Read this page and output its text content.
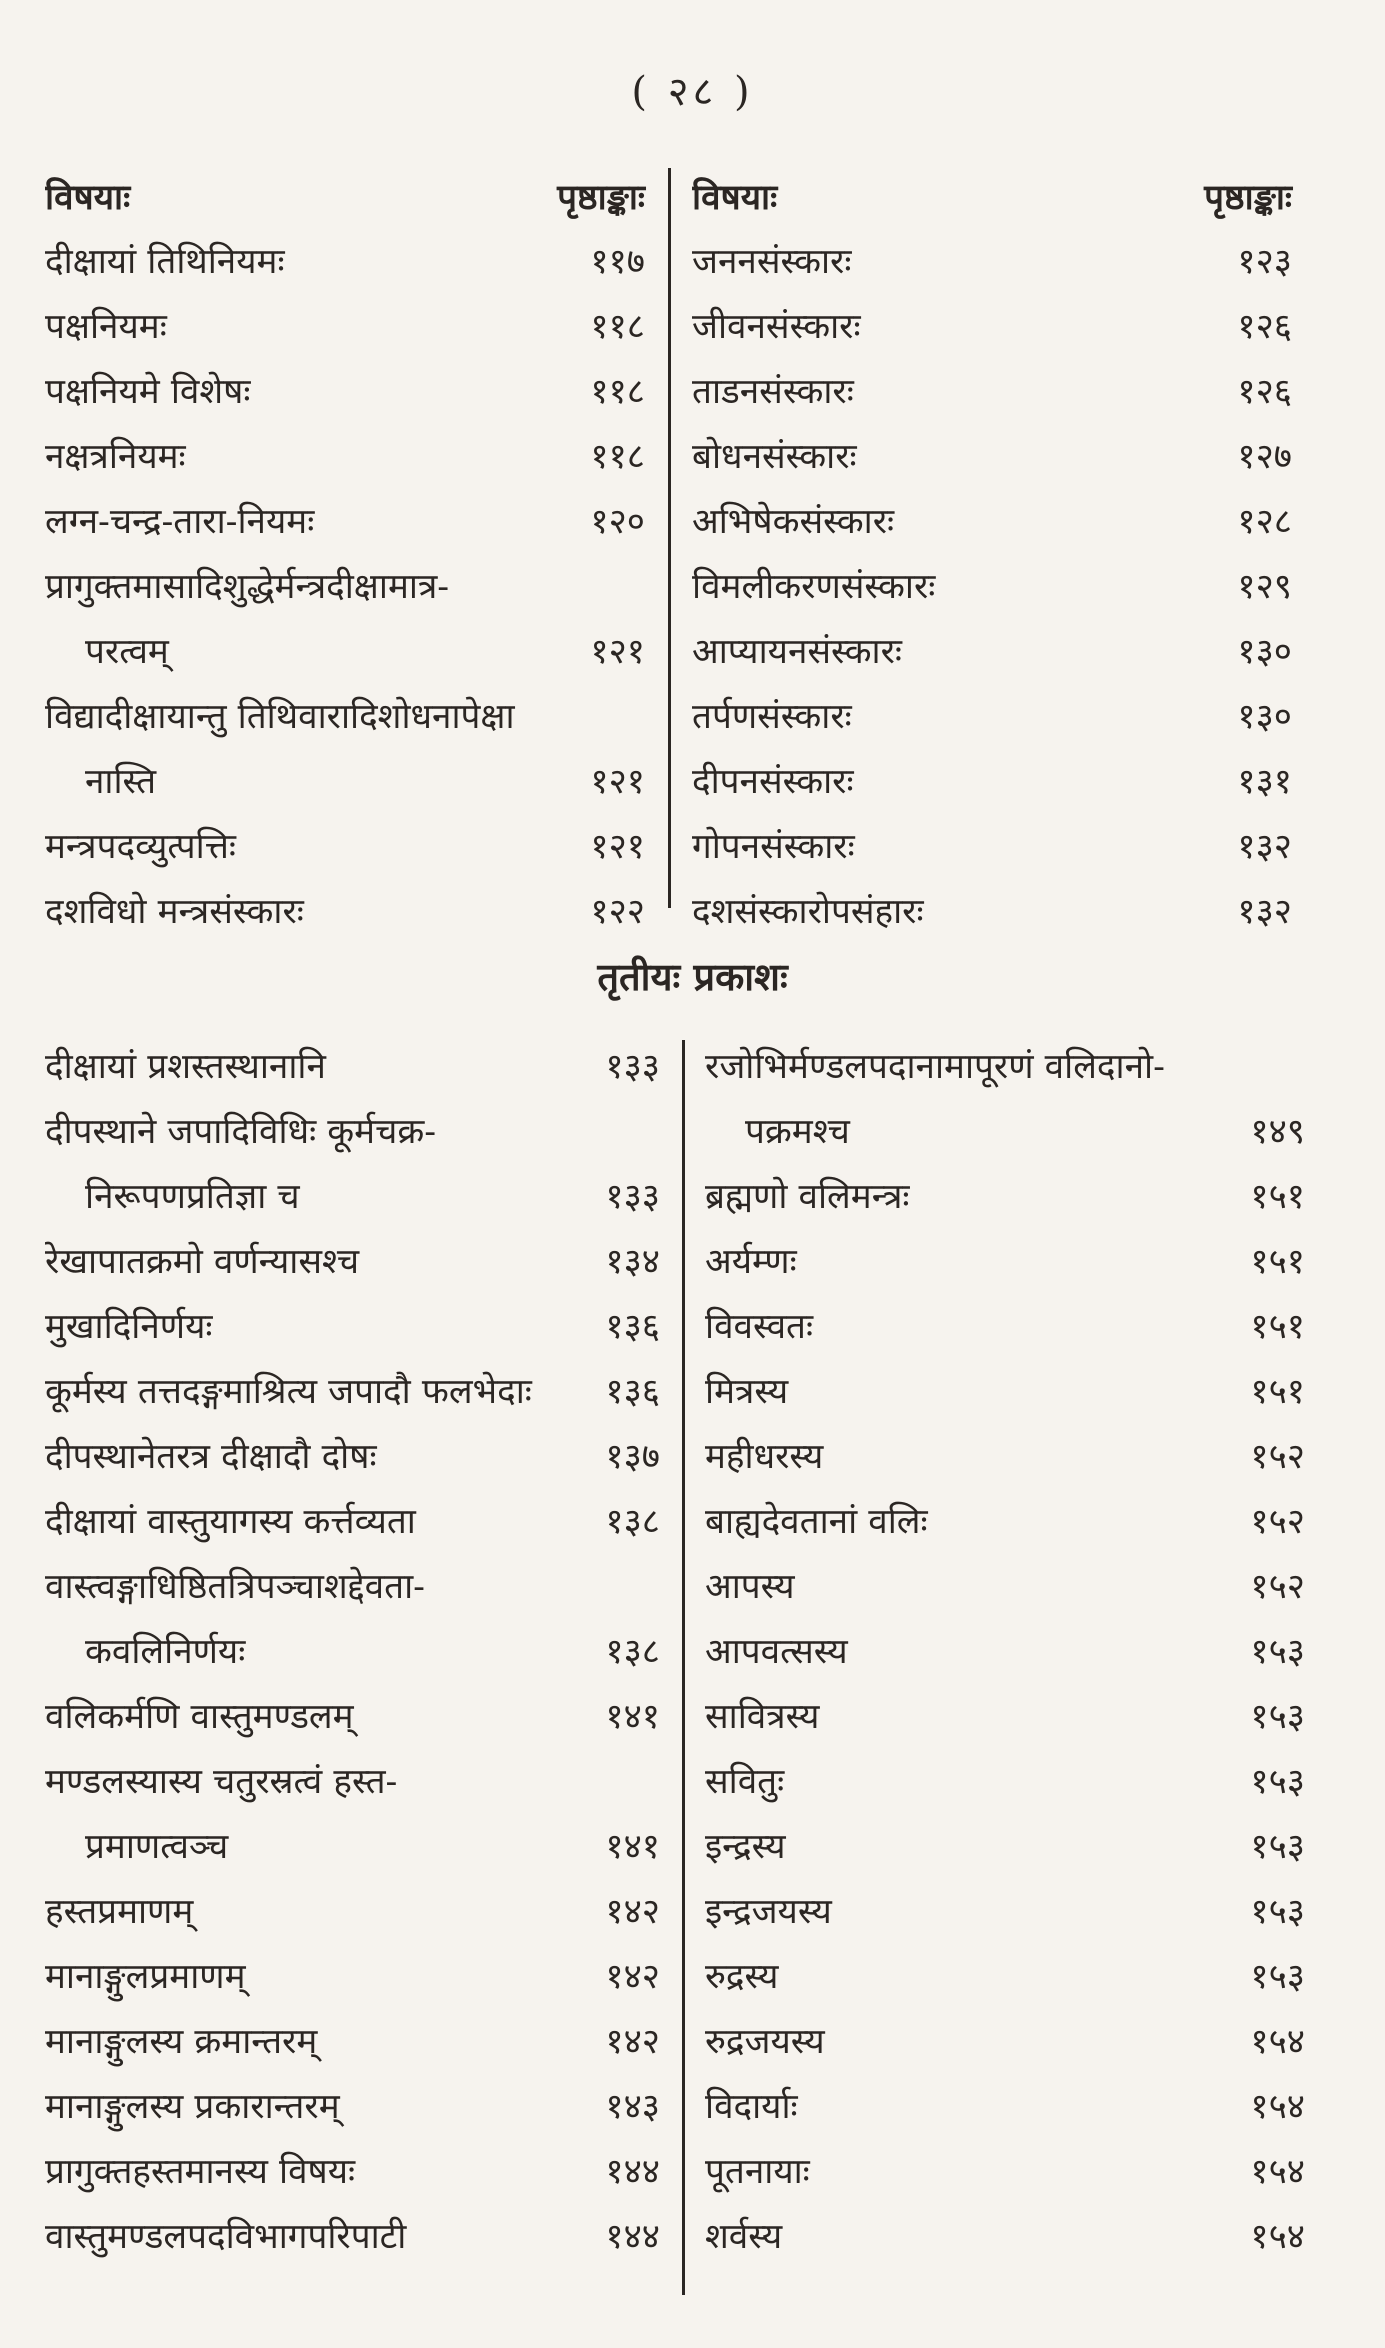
( २८ )
विषयाः	पृष्ठाङ्काः
दीक्षायां तिथिनियमः	११७
पक्षनियमः	११८
पक्षनियमे विशेषः	११८
नक्षत्रनियमः	११८
लग्न-चन्द्र-तारा-नियमः	१२०
प्रागुक्तमासादिशुद्धेर्मन्त्रदीक्षामात्र-
परत्वम्	१२१
विद्यादीक्षायान्तु तिथिवारादिशोधनापेक्षा
नास्ति	१२१
मन्त्रपदव्युत्पत्तिः	१२१
दशविधो मन्त्रसंस्कारः	१२२
विषयाः	पृष्ठाङ्काः
जननसंस्कारः	१२३
जीवनसंस्कारः	१२६
ताडनसंस्कारः	१२६
बोधनसंस्कारः	१२७
अभिषेकसंस्कारः	१२८
विमलीकरणसंस्कारः	१२९
आप्यायनसंस्कारः	१३०
तर्पणसंस्कारः	१३०
दीपनसंस्कारः	१३१
गोपनसंस्कारः	१३२
दशसंस्कारोपसंहारः	१३२
तृतीयः प्रकाशः
दीक्षायां प्रशस्तस्थानानि	१३३
दीपस्थाने जपादिविधिः कूर्मचक्र-
निरूपणप्रतिज्ञा च	१३३
रेखापातक्रमो वर्णन्यासश्च	१३४
मुखादिनिर्णयः	१३६
कूर्मस्य तत्तदङ्गमाश्रित्य जपादौ फलभेदाः	१३६
दीपस्थानेतरत्र दीक्षादौ दोषः	१३७
दीक्षायां वास्तुयागस्य कर्त्तव्यता	१३८
वास्त्वङ्गाधिष्ठितत्रिपञ्चाशद्देवता-
कवलिनिर्णयः	१३८
वलिकर्मणि वास्तुमण्डलम्	१४१
मण्डलस्यास्य चतुरस्रत्वं हस्त-
प्रमाणत्वञ्च	१४१
हस्तप्रमाणम्	१४२
मानाङ्गुलप्रमाणम्	१४२
मानाङ्गुलस्य क्रमान्तरम्	१४२
मानाङ्गुलस्य प्रकारान्तरम्	१४३
प्रागुक्तहस्तमानस्य विषयः	१४४
वास्तुमण्डलपदविभागपरिपाटी	१४४
रजोभिर्मण्डलपदानामापूरणं वलिदानो-
पक्रमश्च	१४९
ब्रह्मणो वलिमन्त्रः	१५१
अर्यम्णः	१५१
विवस्वतः	१५१
मित्रस्य	१५१
महीधरस्य	१५२
बाह्यदेवतानां वलिः	१५२
आपस्य	१५२
आपवत्सस्य	१५३
सावित्रस्य	१५३
सवितुः	१५३
इन्द्रस्य	१५३
इन्द्रजयस्य	१५३
रुद्रस्य	१५३
रुद्रजयस्य	१५४
विदार्याः	१५४
पूतनायाः	१५४
शर्वस्य	१५४
